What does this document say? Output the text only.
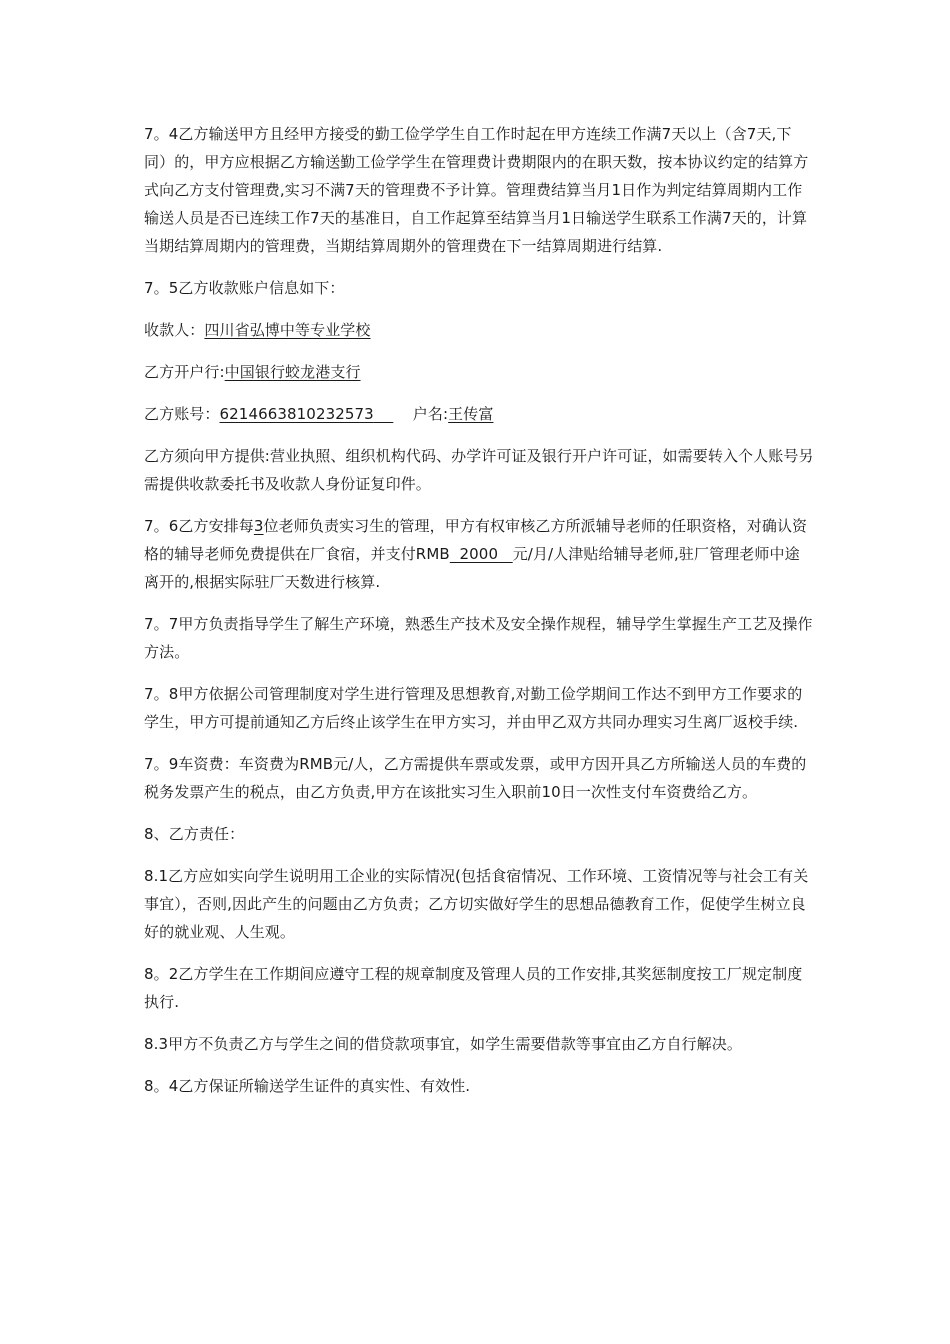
7。4乙方输送甲方且经甲方接受的勤工俭学学生自工作时起在甲方连续工作满7天以上（含7天,下同）的，甲方应根据乙方输送勤工俭学学生在管理费计费期限内的在职天数，按本协议约定的结算方式向乙方支付管理费,实习不满7天的管理费不予计算。管理费结算当月1日作为判定结算周期内工作输送人员是否已连续工作7天的基准日，自工作起算至结算当月1日输送学生联系工作满7天的，计算当期结算周期内的管理费，当期结算周期外的管理费在下一结算周期进行结算.

7。5乙方收款账户信息如下：

收款人：四川省弘博中等专业学校

乙方开户行:中国银行蛟龙港支行

乙方账号：6214663810232573	户名:王传富

乙方须向甲方提供:营业执照、组织机构代码、办学许可证及银行开户许可证，如需要转入个人账号另需提供收款委托书及收款人身份证复印件。

7。6乙方安排每3位老师负责实习生的管理，甲方有权审核乙方所派辅导老师的任职资格，对确认资格的辅导老师免费提供在厂食宿，并支付RMB 2000 元/月/人津贴给辅导老师,驻厂管理老师中途离开的,根据实际驻厂天数进行核算.

7。7甲方负责指导学生了解生产环境，熟悉生产技术及安全操作规程，辅导学生掌握生产工艺及操作方法。

7。8甲方依据公司管理制度对学生进行管理及思想教育,对勤工俭学期间工作达不到甲方工作要求的学生，甲方可提前通知乙方后终止该学生在甲方实习，并由甲乙双方共同办理实习生离厂返校手续.

7。9车资费：车资费为RMB元/人，乙方需提供车票或发票，或甲方因开具乙方所输送人员的车费的税务发票产生的税点，由乙方负责,甲方在该批实习生入职前10日一次性支付车资费给乙方。

8、乙方责任：

8.1乙方应如实向学生说明用工企业的实际情况(包括食宿情况、工作环境、工资情况等与社会工有关事宜），否则,因此产生的问题由乙方负责；乙方切实做好学生的思想品德教育工作，促使学生树立良好的就业观、人生观。

8。2乙方学生在工作期间应遵守工程的规章制度及管理人员的工作安排,其奖惩制度按工厂规定制度执行.

8.3甲方不负责乙方与学生之间的借贷款项事宜，如学生需要借款等事宜由乙方自行解决。

8。4乙方保证所输送学生证件的真实性、有效性.
